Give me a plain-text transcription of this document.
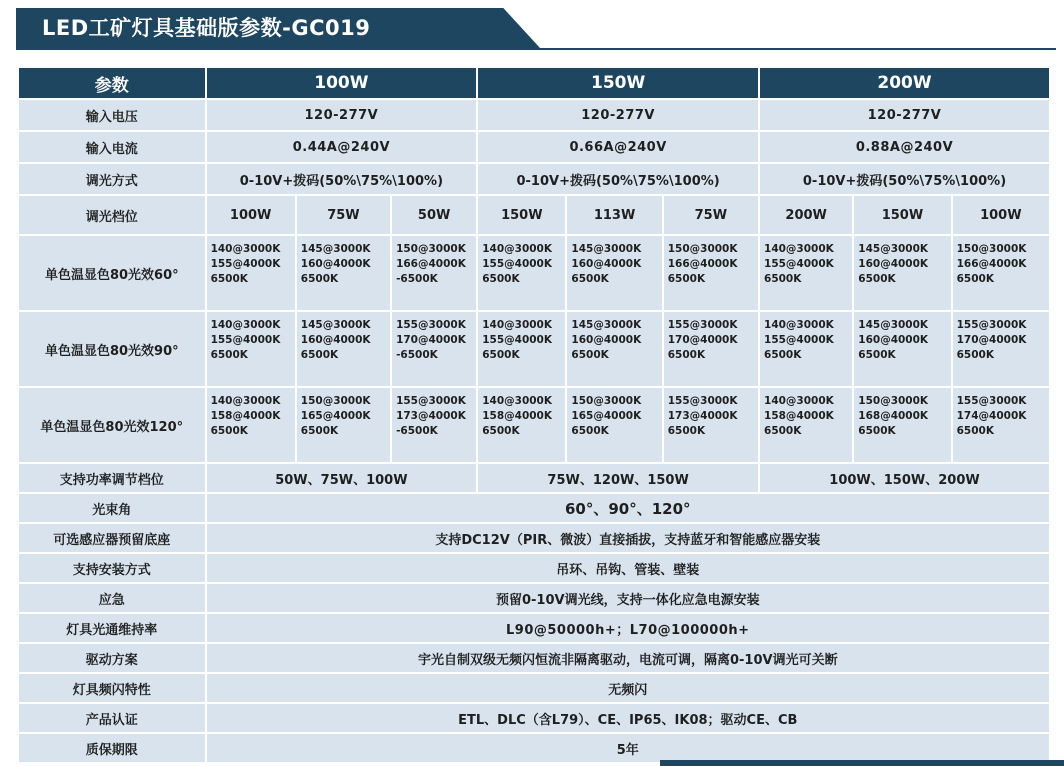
LED工矿灯具基础版参数-GC019
参数	100W			150W			200W		
输入电压	120-277V			120-277V			120-277V		
输入电流	0.44A@240V			0.66A@240V			0.88A@240V		
调光方式	0-10V+拨码(50%\75%\100%)			0-10V+拨码(50%\75%\100%)			0-10V+拨码(50%\75%\100%)		
调光档位	100W	75W	50W	150W	113W	75W	200W	150W	100W
单色温显色80光效60°	140@3000K
155@4000K
6500K	145@3000K
160@4000K
6500K	150@3000K
166@4000K
-6500K	140@3000K
155@4000K
6500K	145@3000K
160@4000K
6500K	150@3000K
166@4000K
6500K	140@3000K
155@4000K
6500K	145@3000K
160@4000K
6500K	150@3000K
166@4000K
6500K

单色温显色80光效90°	140@3000K
155@4000K
6500K	145@3000K
160@4000K
6500K	155@3000K
170@4000K
-6500K	140@3000K
155@4000K
6500K	145@3000K
160@4000K
6500K	155@3000K
170@4000K
6500K	140@3000K
155@4000K
6500K	145@3000K
160@4000K
6500K	155@3000K
170@4000K
6500K

单色温显色80光效120°	140@3000K
158@4000K
6500K	150@3000K
165@4000K
6500K	155@3000K
173@4000K
-6500K	140@3000K
158@4000K
6500K	150@3000K
165@4000K
6500K	155@3000K
173@4000K
6500K	140@3000K
158@4000K
6500K	150@3000K
168@4000K
6500K	155@3000K
174@4000K
6500K

支持功率调节档位	50W、75W、100W			75W、120W、150W			100W、150W、200W		
光束角	60°、90°、120°								
可选感应器预留底座	支持DC12V（PIR、微波）直接插拔，支持蓝牙和智能感应器安装								
支持安装方式	吊环、吊钩、管装、壁装								
应急	预留0-10V调光线，支持一体化应急电源安装								
灯具光通维持率	L90@50000h+；L70@100000h+								
驱动方案	宇光自制双级无频闪恒流非隔离驱动，电流可调，隔离0-10V调光可关断								
灯具频闪特性	无频闪								
产品认证	ETL、DLC（含L79）、CE、IP65、IK08；驱动CE、CB								
质保期限	5年								
